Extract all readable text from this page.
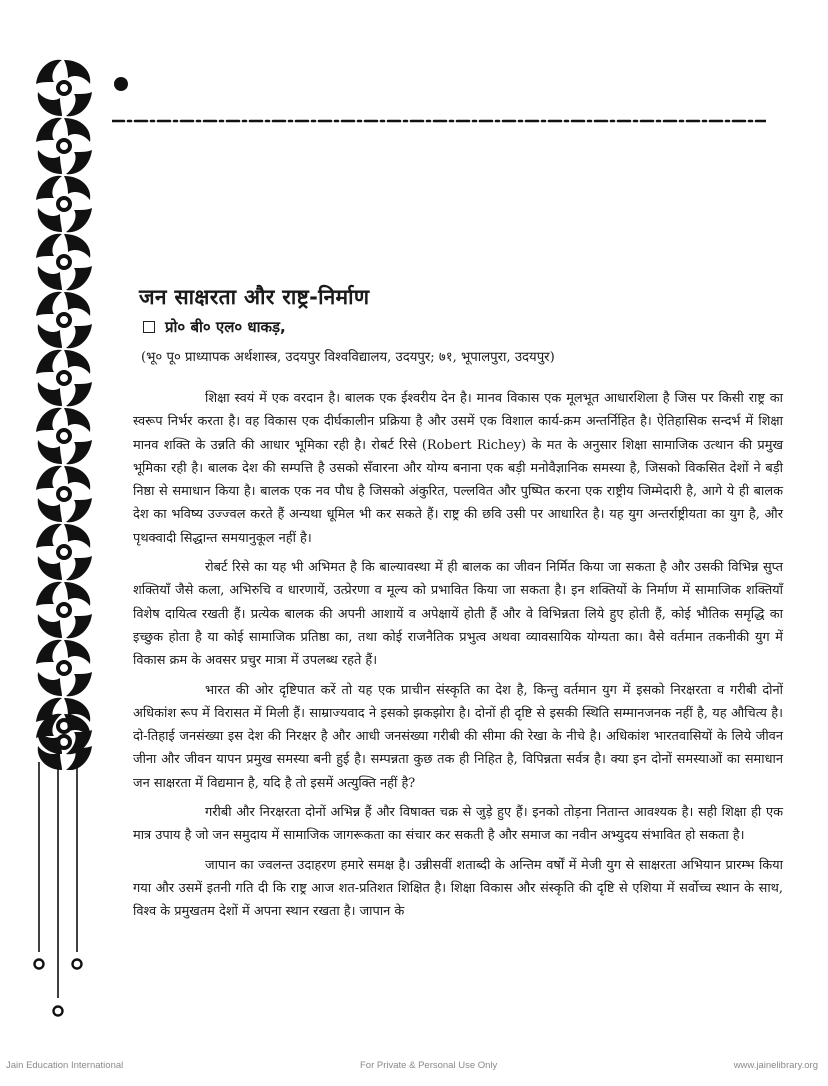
जन साक्षरता और राष्ट्र-निर्माण
प्रो० बी० एल० धाकड़,

(भू० पू० प्राध्यापक अर्थशास्त्र, उदयपुर विश्वविद्यालय, उदयपुर; ७१, भूपालपुरा, उदयपुर)

शिक्षा स्वयं में एक वरदान है। बालक एक ईश्वरीय देन है। मानव विकास एक मूलभूत आधारशिला है जिस पर किसी राष्ट्र का स्वरूप निर्भर करता है। वह विकास एक दीर्घकालीन प्रक्रिया है और उसमें एक विशाल कार्य-क्रम अन्तर्निहित है। ऐतिहासिक सन्दर्भ में शिक्षा मानव शक्ति के उन्नति की आधार भूमिका रही है। रोबर्ट रिसे (Robert Richey) के मत के अनुसार शिक्षा सामाजिक उत्थान की प्रमुख भूमिका रही है। बालक देश की सम्पत्ति है उसको सँवारना और योग्य बनाना एक बड़ी मनोवैज्ञानिक समस्या है, जिसको विकसित देशों ने बड़ी निष्ठा से समाधान किया है। बालक एक नव पौध है जिसको अंकुरित, पल्लवित और पुष्पित करना एक राष्ट्रीय जिम्मेदारी है, आगे ये ही बालक देश का भविष्य उज्ज्वल करते हैं अन्यथा धूमिल भी कर सकते हैं। राष्ट्र की छवि उसी पर आधारित है। यह युग अन्तर्राष्ट्रीयता का युग है, और पृथक्वादी सिद्धान्त समयानुकूल नहीं है।

रोबर्ट रिसे का यह भी अभिमत है कि बाल्यावस्था में ही बालक का जीवन निर्मित किया जा सकता है और उसकी विभिन्न सुप्त शक्तियाँ जैसे कला, अभिरुचि व धारणायें, उत्प्रेरणा व मूल्य को प्रभावित किया जा सकता है। इन शक्तियों के निर्माण में सामाजिक शक्तियाँ विशेष दायित्व रखती हैं। प्रत्येक बालक की अपनी आशायें व अपेक्षायें होती हैं और वे विभिन्नता लिये हुए होती हैं, कोई भौतिक समृद्धि का इच्छुक होता है या कोई सामाजिक प्रतिष्ठा का, तथा कोई राजनैतिक प्रभुत्व अथवा व्यावसायिक योग्यता का। वैसे वर्तमान तकनीकी युग में विकास क्रम के अवसर प्रचुर मात्रा में उपलब्ध रहते हैं।

भारत की ओर दृष्टिपात करें तो यह एक प्राचीन संस्कृति का देश है, किन्तु वर्तमान युग में इसको निरक्षरता व गरीबी दोनों अधिकांश रूप में विरासत में मिली हैं। साम्राज्यवाद ने इसको झकझोरा है। दोनों ही दृष्टि से इसकी स्थिति सम्मानजनक नहीं है, यह औचित्य है। दो-तिहाई जनसंख्या इस देश की निरक्षर है और आधी जनसंख्या गरीबी की सीमा की रेखा के नीचे है। अधिकांश भारतवासियों के लिये जीवन जीना और जीवन यापन प्रमुख समस्या बनी हुई है। सम्पन्नता कुछ तक ही निहित है, विपिन्नता सर्वत्र है। क्या इन दोनों समस्याओं का समाधान जन साक्षरता में विद्यमान है, यदि है तो इसमें अत्युक्ति नहीं है?

गरीबी और निरक्षरता दोनों अभिन्न हैं और विषाक्त चक्र से जुड़े हुए हैं। इनको तोड़ना नितान्त आवश्यक है। सही शिक्षा ही एक मात्र उपाय है जो जन समुदाय में सामाजिक जागरूकता का संचार कर सकती है और समाज का नवीन अभ्युदय संभावित हो सकता है।

जापान का ज्वलन्त उदाहरण हमारे समक्ष है। उन्नीसवीं शताब्दी के अन्तिम वर्षों में मेजी युग से साक्षरता अभियान प्रारम्भ किया गया और उसमें इतनी गति दी कि राष्ट्र आज शत-प्रतिशत शिक्षित है। शिक्षा विकास और संस्कृति की दृष्टि से एशिया में सर्वोच्च स्थान के साथ, विश्व के प्रमुखतम देशों में अपना स्थान रखता है। जापान के

Jain Education International	For Private & Personal Use Only	www.jainelibrary.org
